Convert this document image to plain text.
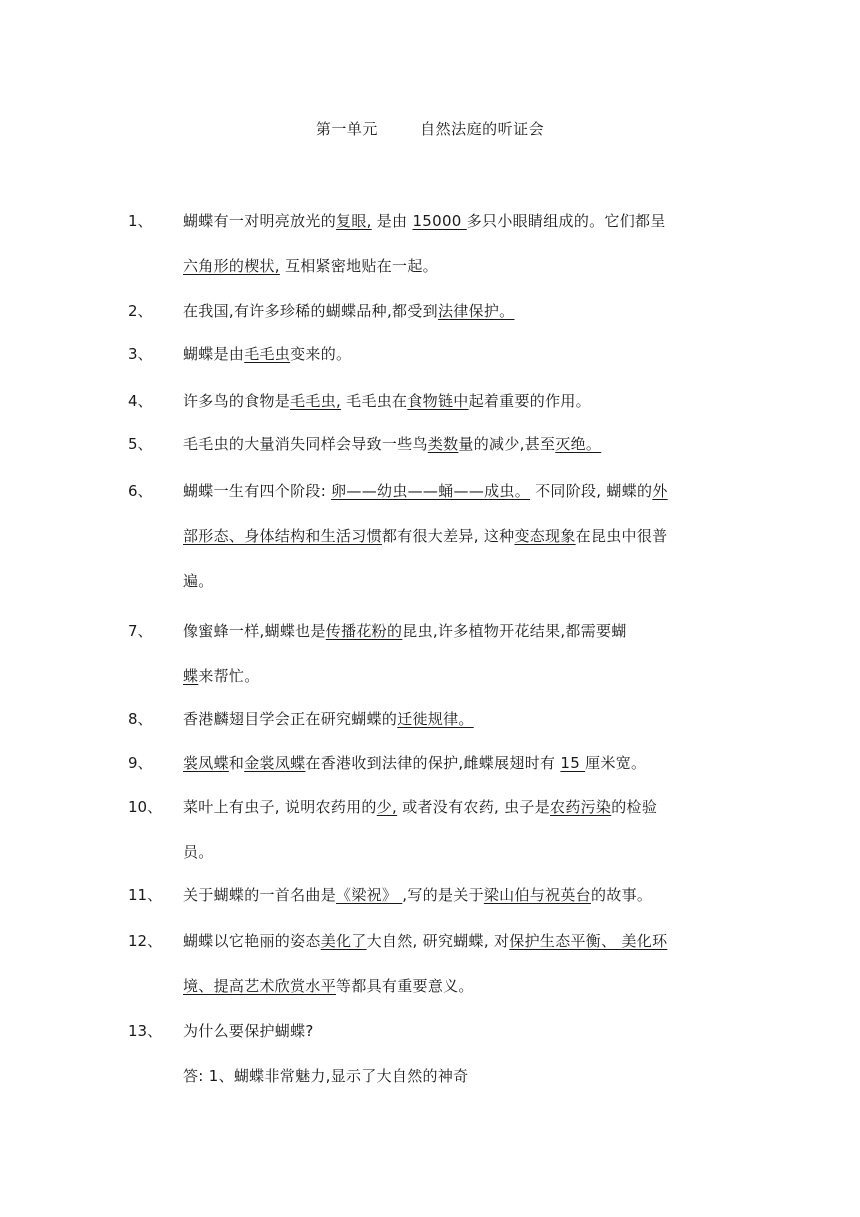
第一单元        自然法庭的听证会
1、 蝴蝶有一对明亮放光的复眼, 是由 15000 多只小眼睛组成的。它们都呈
六角形的楔状, 互相紧密地贴在一起。
2、 在我国,有许多珍稀的蝴蝶品种,都受到法律保护。
3、 蝴蝶是由毛毛虫变来的。
4、 许多鸟的食物是毛毛虫, 毛毛虫在食物链中起着重要的作用。
5、 毛毛虫的大量消失同样会导致一些鸟类数量的减少,甚至灭绝。
6、 蝴蝶一生有四个阶段: 卵——幼虫——蛹——成虫。 不同阶段, 蝴蝶的外
部形态、身体结构和生活习惯都有很大差异, 这种变态现象在昆虫中很普
遍。
7、 像蜜蜂一样,蝴蝶也是传播花粉的昆虫,许多植物开花结果,都需要蝴
蝶来帮忙。
8、 香港麟翅目学会正在研究蝴蝶的迁徙规律。
9、 裳凤蝶和金裳凤蝶在香港收到法律的保护,雌蝶展翅时有 15 厘米宽。
10、 菜叶上有虫子, 说明农药用的少, 或者没有农药, 虫子是农药污染的检验
员。
11、 关于蝴蝶的一首名曲是《梁祝》 ,写的是关于梁山伯与祝英台的故事。
12、 蝴蝶以它艳丽的姿态美化了大自然, 研究蝴蝶, 对保护生态平衡、 美化环
境、提高艺术欣赏水平等都具有重要意义。
13、 为什么要保护蝴蝶?
答: 1、蝴蝶非常魅力,显示了大自然的神奇
